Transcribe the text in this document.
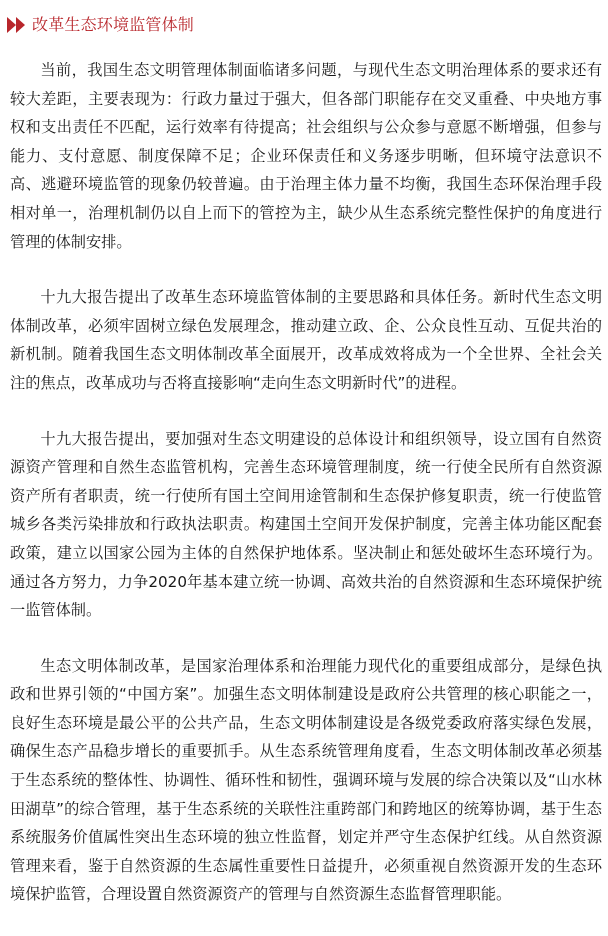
改革生态环境监管体制

当前，我国生态文明管理体制面临诸多问题，与现代生态文明治理体系的要求还有较大差距，主要表现为：行政力量过于强大，但各部门职能存在交叉重叠、中央地方事权和支出责任不匹配，运行效率有待提高；社会组织与公众参与意愿不断增强，但参与能力、支付意愿、制度保障不足；企业环保责任和义务逐步明晰，但环境守法意识不高、逃避环境监管的现象仍较普遍。由于治理主体力量不均衡，我国生态环保治理手段相对单一，治理机制仍以自上而下的管控为主，缺少从生态系统完整性保护的角度进行管理的体制安排。

十九大报告提出了改革生态环境监管体制的主要思路和具体任务。新时代生态文明体制改革，必须牢固树立绿色发展理念，推动建立政、企、公众良性互动、互促共治的新机制。随着我国生态文明体制改革全面展开，改革成效将成为一个全世界、全社会关注的焦点，改革成功与否将直接影响“走向生态文明新时代”的进程。

十九大报告提出，要加强对生态文明建设的总体设计和组织领导，设立国有自然资源资产管理和自然生态监管机构，完善生态环境管理制度，统一行使全民所有自然资源资产所有者职责，统一行使所有国土空间用途管制和生态保护修复职责，统一行使监管城乡各类污染排放和行政执法职责。构建国土空间开发保护制度，完善主体功能区配套政策，建立以国家公园为主体的自然保护地体系。坚决制止和惩处破坏生态环境行为。通过各方努力，力争2020年基本建立统一协调、高效共治的自然资源和生态环境保护统一监管体制。

生态文明体制改革，是国家治理体系和治理能力现代化的重要组成部分，是绿色执政和世界引领的“中国方案”。加强生态文明体制建设是政府公共管理的核心职能之一，良好生态环境是最公平的公共产品，生态文明体制建设是各级党委政府落实绿色发展，确保生态产品稳步增长的重要抓手。从生态系统管理角度看，生态文明体制改革必须基于生态系统的整体性、协调性、循环性和韧性，强调环境与发展的综合决策以及“山水林田湖草”的综合管理，基于生态系统的关联性注重跨部门和跨地区的统筹协调，基于生态系统服务价值属性突出生态环境的独立性监督，划定并严守生态保护红线。从自然资源管理来看，鉴于自然资源的生态属性重要性日益提升，必须重视自然资源开发的生态环境保护监管，合理设置自然资源资产的管理与自然资源生态监督管理职能。
